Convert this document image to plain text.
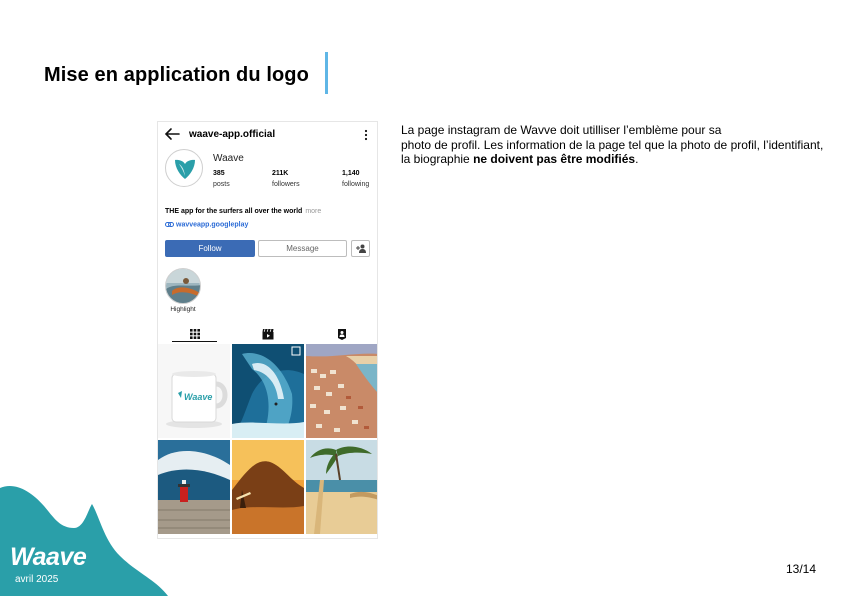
Mise en application du logo
La page instagram de Wavve doit utilliser l’emblème pour sa
photo de profil. Les information de la page tel que la photo de profil, l’identifiant,
la biographie ne doivent pas être modifiés.
waave-app.official
Waave
385
posts
211K
followers
1,140
following
THE app for the surfers all over the world more
wavveapp.googleplay
Follow	Message
Highlight
Waave
Waave
avril 2025
13/14
